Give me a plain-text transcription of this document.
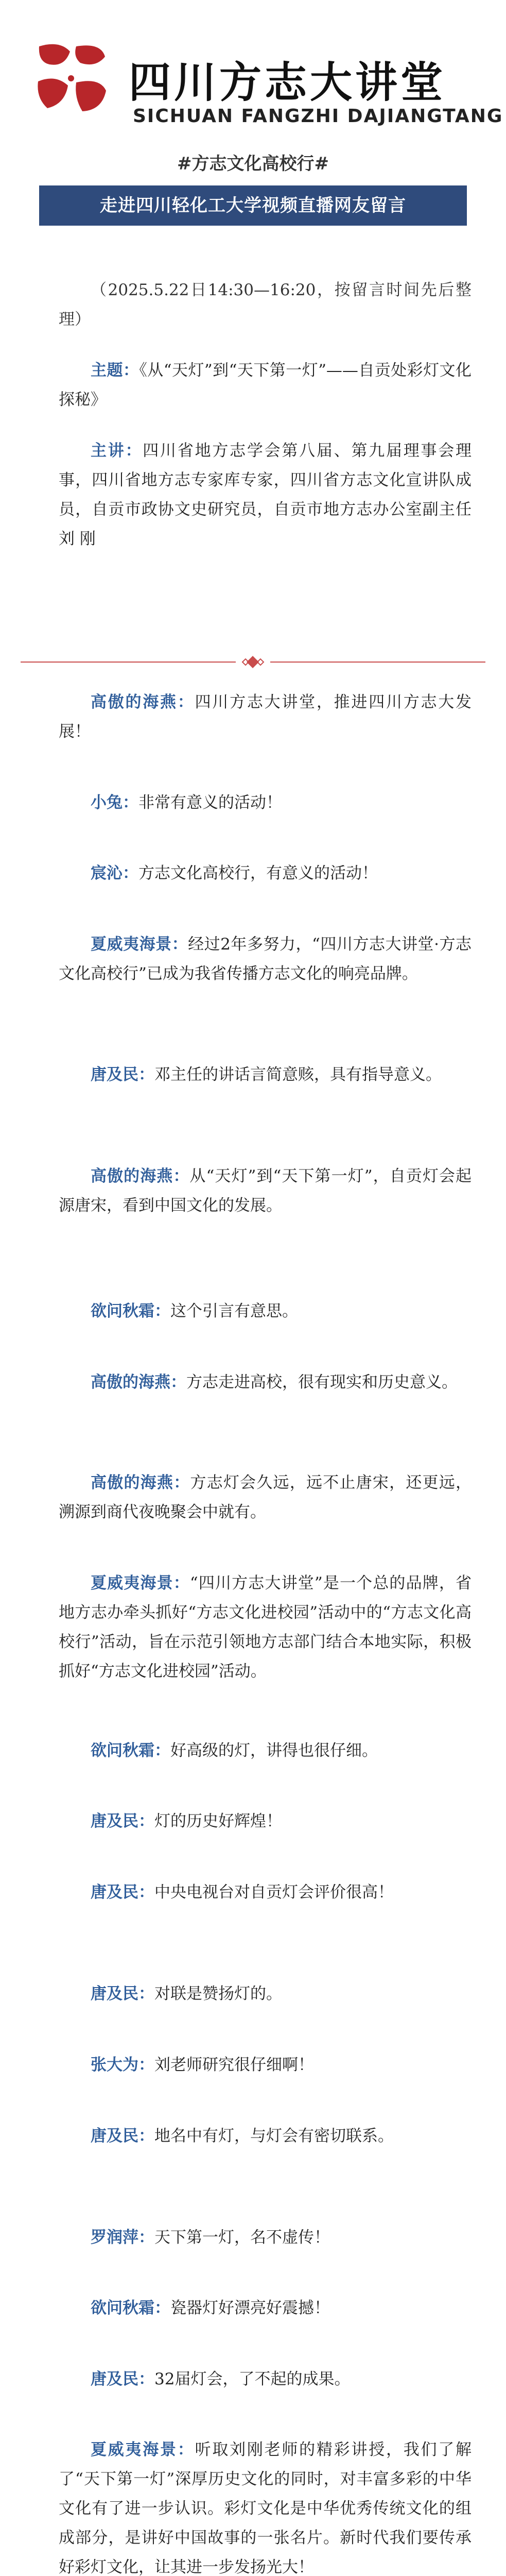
四川方志大讲堂
SICHUAN FANGZHI DAJIANGTANG
#方志文化高校行#
走进四川轻化工大学视频直播网友留言

（2025.5.22日14:30—16:20，按留言时间先后整理）

主题：《从“天灯”到“天下第一灯”——自贡处彩灯文化探秘》

主讲：四川省地方志学会第八届、第九届理事会理事，四川省地方志专家库专家，四川省方志文化宣讲队成员，自贡市政协文史研究员，自贡市地方志办公室副主任 刘 刚

高傲的海燕：四川方志大讲堂，推进四川方志大发展！

小兔：非常有意义的活动！

宸沁：方志文化高校行，有意义的活动！

夏威夷海景：经过2年多努力，“四川方志大讲堂·方志文化高校行”已成为我省传播方志文化的响亮品牌。

唐及民：邓主任的讲话言简意赅，具有指导意义。

高傲的海燕：从“天灯”到“天下第一灯”，自贡灯会起源唐宋，看到中国文化的发展。

欲问秋霜：这个引言有意思。

高傲的海燕：方志走进高校，很有现实和历史意义。

高傲的海燕：方志灯会久远，远不止唐宋，还更远，溯源到商代夜晚聚会中就有。

夏威夷海景：“四川方志大讲堂”是一个总的品牌，省地方志办牵头抓好“方志文化进校园”活动中的“方志文化高校行”活动，旨在示范引领地方志部门结合本地实际，积极抓好“方志文化进校园”活动。

欲问秋霜：好高级的灯，讲得也很仔细。

唐及民：灯的历史好辉煌！

唐及民：中央电视台对自贡灯会评价很高！

唐及民：对联是赞扬灯的。

张大为：刘老师研究很仔细啊！

唐及民：地名中有灯，与灯会有密切联系。

罗润萍：天下第一灯，名不虚传！

欲问秋霜：瓷器灯好漂亮好震撼！

唐及民：32届灯会，了不起的成果。

夏威夷海景：听取刘刚老师的精彩讲授，我们了解了“天下第一灯”深厚历史文化的同时，对丰富多彩的中华文化有了进一步认识。彩灯文化是中华优秀传统文化的组成部分，是讲好中国故事的一张名片。新时代我们要传承好彩灯文化，让其进一步发扬光大！
